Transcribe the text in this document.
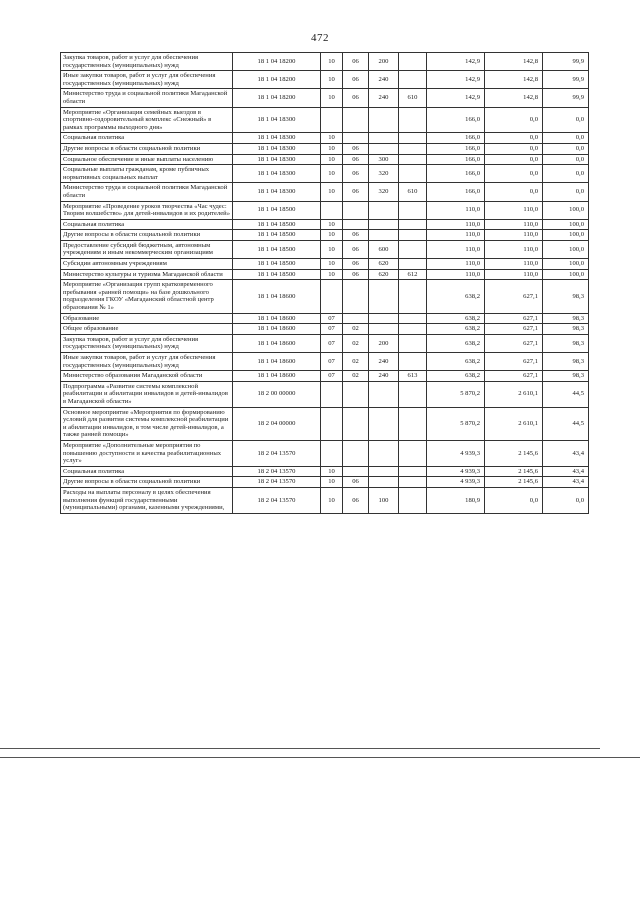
472
Закупка товаров, работ и услуг для обеспечения государственных (муниципальных) нужд	18 1 04 18200	10	06	200		142,9	142,8	99,9
Иные закупки товаров, работ и услуг для обеспечения государственных (муниципальных) нужд	18 1 04 18200	10	06	240		142,9	142,8	99,9
Министерство труда и социальной политики Магаданской области	18 1 04 18200	10	06	240	610	142,9	142,8	99,9
Мероприятие «Организация семейных выездов в спортивно-оздоровительный комплекс «Снежный» в рамках программы выходного дня»	18 1 04 18300					166,0	0,0	0,0
Социальная политика	18 1 04 18300	10				166,0	0,0	0,0
Другие вопросы в области социальной политики	18 1 04 18300	10	06			166,0	0,0	0,0
Социальное обеспечение и иные выплаты населению	18 1 04 18300	10	06	300		166,0	0,0	0,0
Социальные выплаты гражданам, кроме публичных нормативных социальных выплат	18 1 04 18300	10	06	320		166,0	0,0	0,0
Министерство труда и социальной политики Магаданской области	18 1 04 18300	10	06	320	610	166,0	0,0	0,0
Мероприятие «Проведение уроков творчества «Час чудес: Творим волшебство» для детей-инвалидов и их родителей»	18 1 04 18500					110,0	110,0	100,0
Социальная политика	18 1 04 18500	10				110,0	110,0	100,0
Другие вопросы в области социальной политики	18 1 04 18500	10	06			110,0	110,0	100,0
Предоставление субсидий бюджетным, автономным учреждениям и иным некоммерческим организациям	18 1 04 18500	10	06	600		110,0	110,0	100,0
Субсидии автономным учреждениям	18 1 04 18500	10	06	620		110,0	110,0	100,0
Министерство культуры и туризма Магаданской области	18 1 04 18500	10	06	620	612	110,0	110,0	100,0
Мероприятие «Организация групп кратковременного пребывания «ранней помощи» на базе дошкольного подразделения ГКОУ «Магаданский областной центр образования № 1»	18 1 04 18600					638,2	627,1	98,3
Образование	18 1 04 18600	07				638,2	627,1	98,3
Общее образование	18 1 04 18600	07	02			638,2	627,1	98,3
Закупка товаров, работ и услуг для обеспечения государственных (муниципальных) нужд	18 1 04 18600	07	02	200		638,2	627,1	98,3
Иные закупки товаров, работ и услуг для обеспечения государственных (муниципальных) нужд	18 1 04 18600	07	02	240		638,2	627,1	98,3
Министерство образования Магаданской области	18 1 04 18600	07	02	240	613	638,2	627,1	98,3
Подпрограмма «Развитие системы комплексной реабилитации и абилитации инвалидов и детей-инвалидов в Магаданской области»	18 2 00 00000					5 870,2	2 610,1	44,5
Основное мероприятие «Мероприятия по формированию условий для развития системы комплексной реабилитации и абилитации инвалидов, в том числе детей-инвалидов, а также ранней помощи»	18 2 04 00000					5 870,2	2 610,1	44,5
Мероприятие «Дополнительные мероприятия по повышению доступности и качества реабилитационных услуг»	18 2 04 13570					4 939,3	2 145,6	43,4
Социальная политика	18 2 04 13570	10				4 939,3	2 145,6	43,4
Другие вопросы в области социальной политики	18 2 04 13570	10	06			4 939,3	2 145,6	43,4
Расходы на выплаты персоналу в целях обеспечения выполнения функций государственными (муниципальными) органами, казенными учреждениями,	18 2 04 13570	10	06	100		180,9	0,0	0,0
